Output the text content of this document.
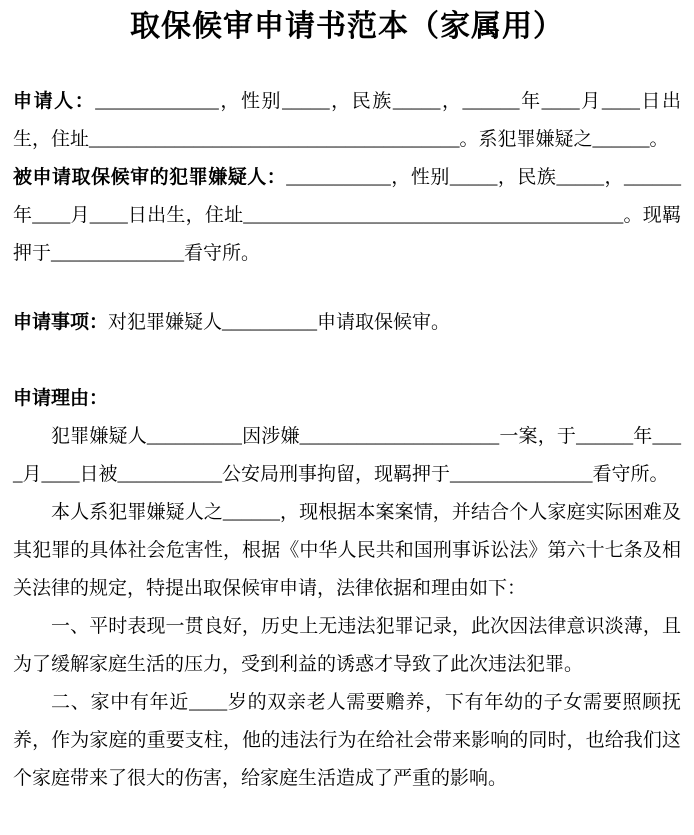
取保候审申请书范本（家属用）

申请人：_____________，性别_____，民族_____，______年____月____日出生，住址_______________________________________。系犯罪嫌疑之______。

被申请取保候审的犯罪嫌疑人：___________，性别_____，民族_____，______年____月____日出生，住址________________________________________。现羁押于______________看守所。

申请事项：对犯罪嫌疑人__________申请取保候审。

申请理由：

犯罪嫌疑人__________因涉嫌_____________________一案，于______年____月____日被___________公安局刑事拘留，现羁押于_______________看守所。

本人系犯罪嫌疑人之______，现根据本案案情，并结合个人家庭实际困难及其犯罪的具体社会危害性，根据《中华人民共和国刑事诉讼法》第六十七条及相关法律的规定，特提出取保候审申请，法律依据和理由如下：

一、平时表现一贯良好，历史上无违法犯罪记录，此次因法律意识淡薄，且为了缓解家庭生活的压力，受到利益的诱惑才导致了此次违法犯罪。

二、家中有年近____岁的双亲老人需要赡养，下有年幼的子女需要照顾抚养，作为家庭的重要支柱，他的违法行为在给社会带来影响的同时，也给我们这个家庭带来了很大的伤害，给家庭生活造成了严重的影响。
